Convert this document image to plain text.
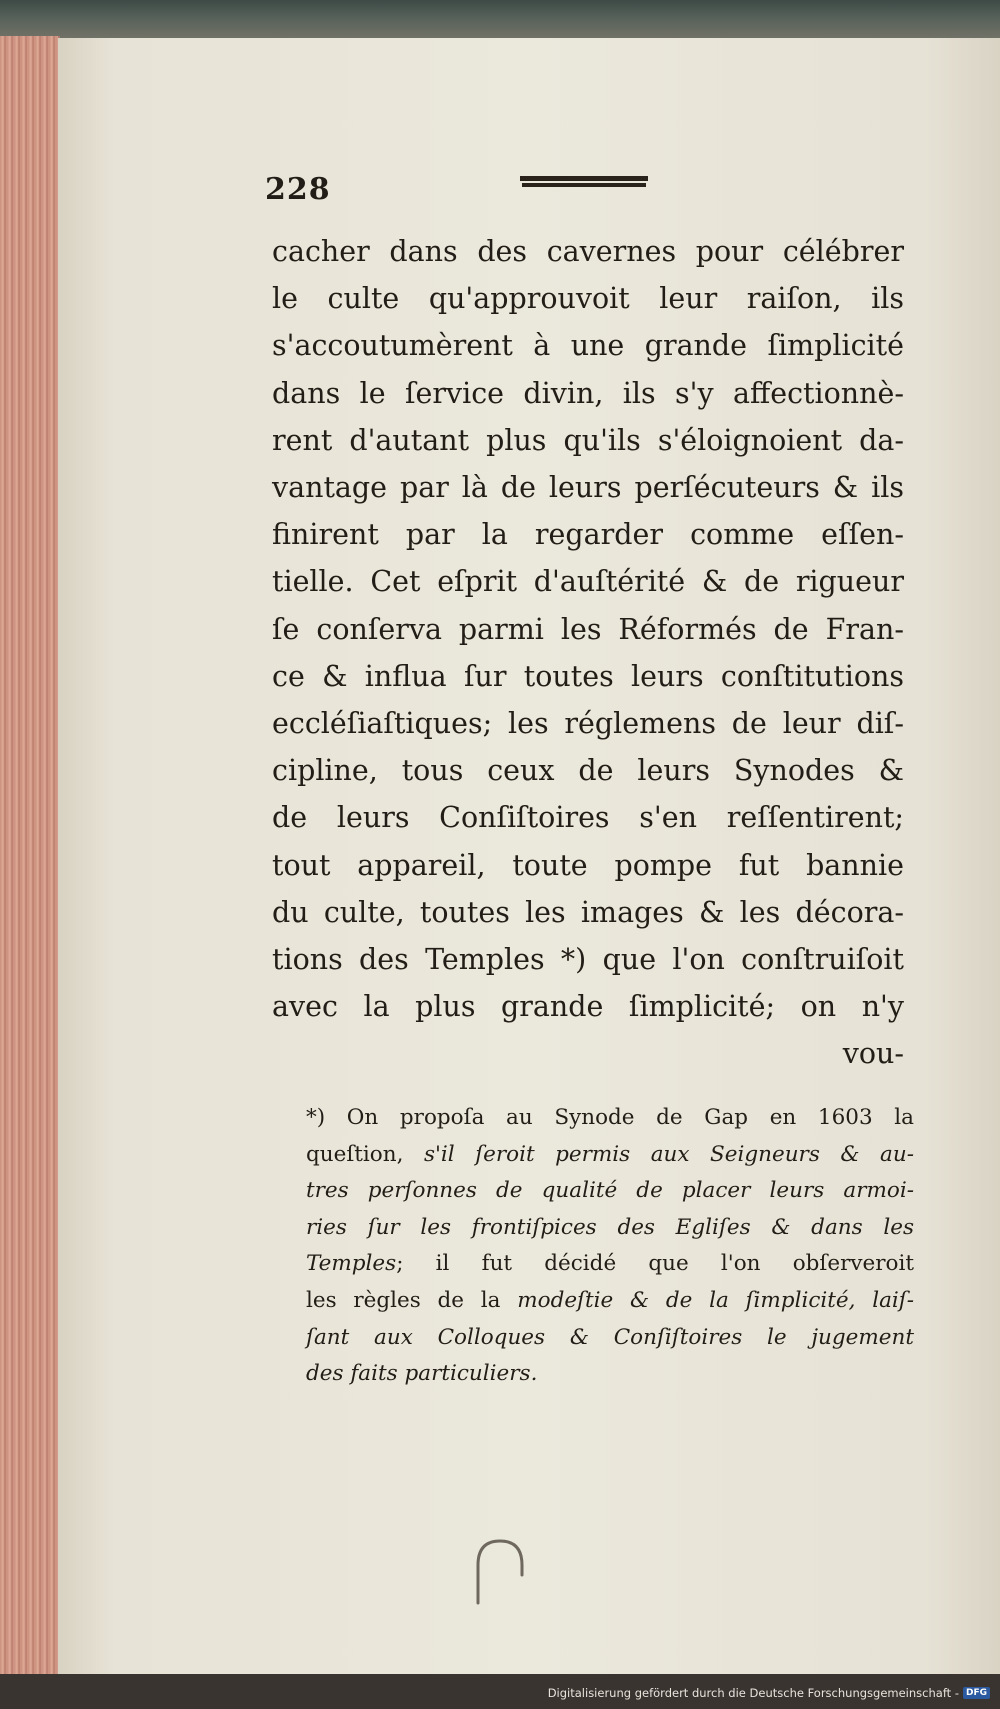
228
cacher dans des cavernes pour célébrer
le culte qu'approuvoit leur raiſon, ils
s'accoutumèrent à une grande ſimplicité
dans le ſervice divin, ils s'y affectionnè-
rent d'autant plus qu'ils s'éloignoient da-
vantage par là de leurs perſécuteurs & ils
finirent par la regarder comme eſſen-
tielle. Cet eſprit d'auſtérité & de rigueur
ſe conſerva parmi les Réformés de Fran-
ce & influa ſur toutes leurs conſtitutions
eccléſiaſtiques; les réglemens de leur diſ-
cipline, tous ceux de leurs Synodes &
de leurs Conſiſtoires s'en reſſentirent;
tout appareil, toute pompe fut bannie
du culte, toutes les images & les décora-
tions des Temples *) que l'on conſtruiſoit
avec la plus grande ſimplicité; on n'y
vou-
*) On propoſa au Synode de Gap en 1603 la
queſtion, s'il ſeroit permis aux Seigneurs & au-
tres perſonnes de qualité de placer leurs armoi-
ries ſur les frontiſpices des Egliſes & dans les
Temples; il fut décidé que l'on obſerveroit
les règles de la modeſtie & de la ſimplicité, laiſ-
ſant aux Colloques & Conſiſtoires le jugement
des faits particuliers.
Digitalisierung gefördert durch die Deutsche Forschungsgemeinschaft - DFG
